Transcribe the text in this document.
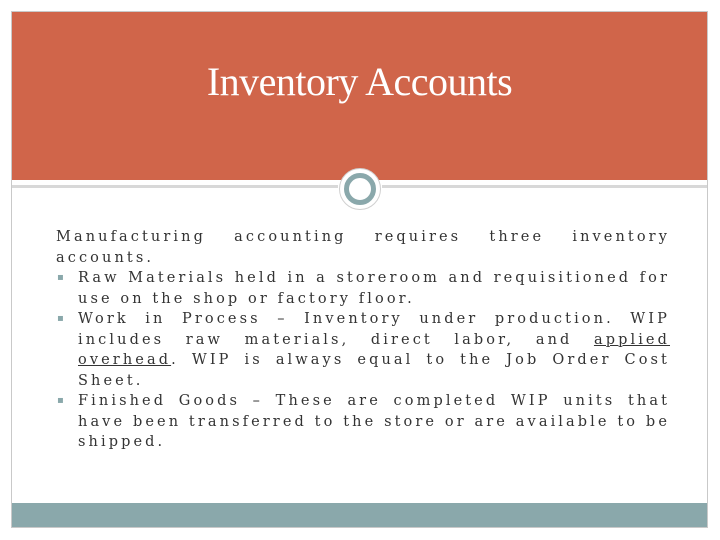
Inventory Accounts

Manufacturing accounting requires three inventory accounts.

▪ Raw Materials held in a storeroom and requisitioned for use on the shop or factory floor.
▪ Work in Process – Inventory under production. WIP includes raw materials, direct labor, and applied overhead. WIP is always equal to the Job Order Cost Sheet.
▪ Finished Goods – These are completed WIP units that have been transferred to the store or are available to be shipped.
